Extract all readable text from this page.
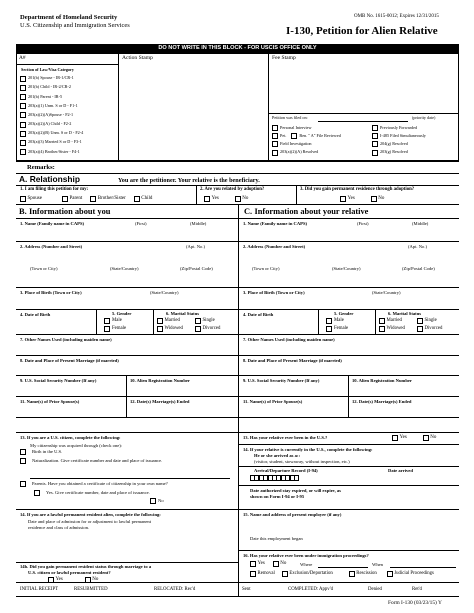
Department of Homeland Security
U.S. Citizenship and Immigration Services
OMB No. 1615-0012; Expires 12/31/2015
I-130, Petition for Alien Relative
DO NOT WRITE IN THIS BLOCK - FOR USCIS OFFICE ONLY
A#	Action Stamp	Fee Stamp
Section of Law/Visa Category
201(b) Spouse - IR-1/CR-1
201(b) Child - IR-2/CR-2
201(b) Parent - IR-5
203(a)(1) Unm. S or D - F1-1
203(a)(2)(A)Spouse - F2-1
203(a)(2)(A) Child - F2-2
203(a)(2)(B) Unm. S or D - F2-4
203(a)(3) Married S or D - F3-1
203(a)(4) Brother/Sister - F4-1
Petition was filed on:	(priority date)
Personal Interview
Pet.	Ben. " A" File Reviewed
Field Investigation
203(a)(2)(A) Resolved
Previously Forwarded
I-485 Filed Simultaneously
204(g) Resolved
203(g) Resolved
Remarks:
A. Relationship	You are the petitioner. Your relative is the beneficiary.
1. I am filing this petition for my:	2. Are you related by adoption?	3. Did you gain permanent residence through adoption?
Spouse	Parent	Brother/Sister	Child	Yes	No	Yes	No
B. Information about you	C. Information about your relative
1. Name (Family name in CAPS)	(First)	(Middle)
2. Address (Number and Street)	(Apt. No.)
(Town or City)	(State/Country)	(Zip/Postal Code)
3. Place of Birth (Town or City)	(State/Country)
4. Date of Birth	5. Gender
Male
Female
6. Marital Status
Married	Single
Widowed	Divorced
7. Other Names Used (including maiden name)
8. Date and Place of Present Marriage (if married)
9. U.S. Social Security Number (If any)	10. Alien Registration Number
11. Name(s) of Prior Spouse(s)	12. Date(s) Marriage(s) Ended
13. If you are a U.S. citizen, complete the following:
My citizenship was acquired through (check one):
Birth in the U.S.
Naturalization. Give certificate number and date and place of issuance.
Parents. Have you obtained a certificate of citizenship in your own name?
Yes. Give certificate number, date and place of issuance.
No
14. If you are a lawful permanent resident alien, complete the following:
Date and place of admission for or adjustment to lawful permanent
residence and class of admission.
14b. Did you gain permanent resident status through marriage to a
U.S. citizen or lawful permanent resident?
Yes	No
1. Name (Family name in CAPS)	(First)	(Middle)
2. Address (Number and Street)	(Apt. No.)
(Town or City)	(State/Country)	(Zip/Postal Code)
3. Place of Birth (Town or City)	(State/Country)
4. Date of Birth	5. Gender
Male
Female
6. Marital Status
Married	Single
Widowed	Divorced
7. Other Names Used (including maiden name)
8. Date and Place of Present Marriage (if married)
9. U.S. Social Security Number (If any)	10. Alien Registration Number
11. Name(s) of Prior Spouse(s)	12. Date(s) Marriage(s) Ended
13. Has your relative ever been in the U.S.?	Yes	No
14. If your relative is currently in the U.S., complete the following:
He or she arrived as a::
(visitor, student, stowaway, without inspection, etc.)
Arrival/Departure Record (I-94)	Date arrived
Date authorized stay expired, or will expire, as
shown on Form I-94 or I-95
15. Name and address of present employer (if any)
Date this employment began
16. Has your relative ever been under immigration proceedings?
Yes	No	Where	When
Removal	Exclusion/Deportation	Rescission	Judicial Proceedings
INITIAL RECEIPT	RESUBMITTED	RELOCATED: Rec'd	Sent	COMPLETED: Appv'd	Denied	Ret'd
Form I-130 (03/23/15) Y
